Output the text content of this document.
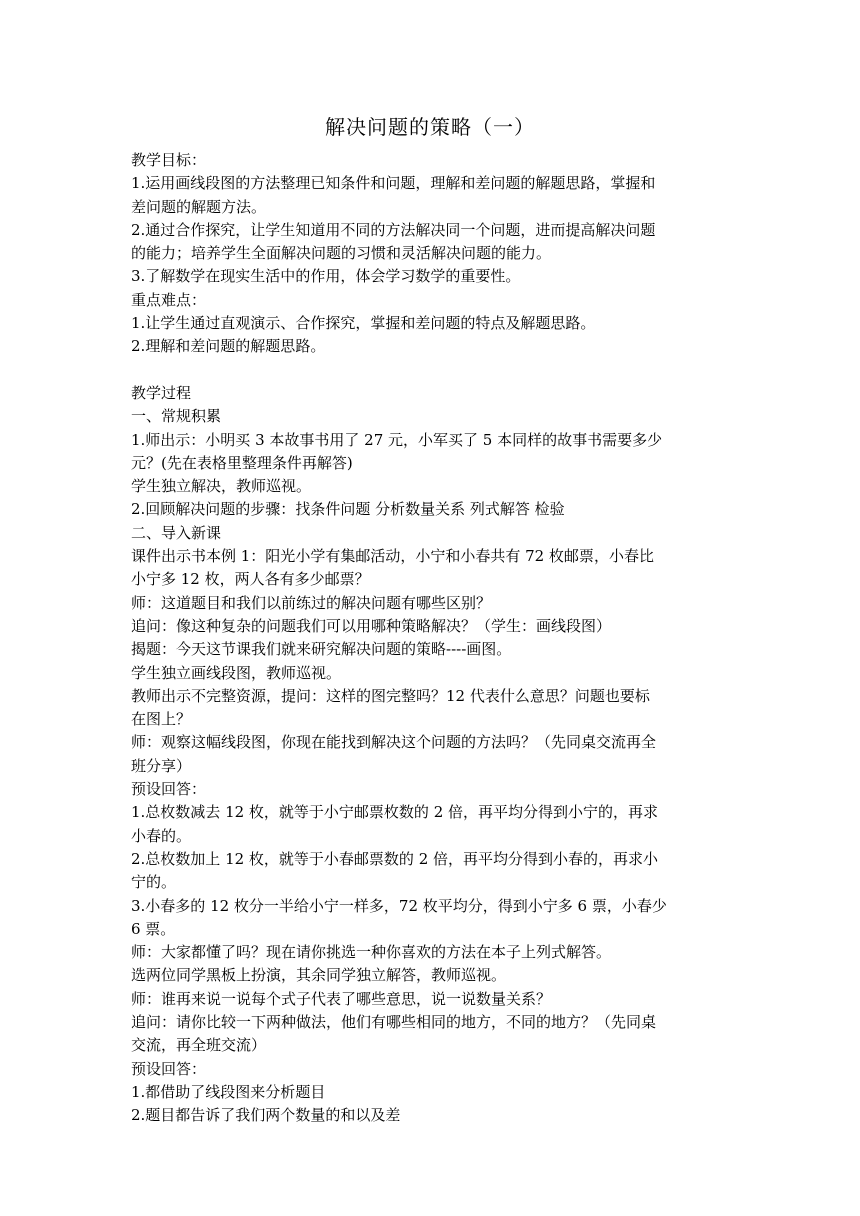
解决问题的策略（一）
教学目标：
1.运用画线段图的方法整理已知条件和问题，理解和差问题的解题思路，掌握和
差问题的解题方法。
2.通过合作探究，让学生知道用不同的方法解决同一个问题，进而提高解决问题
的能力；培养学生全面解决问题的习惯和灵活解决问题的能力。
3.了解数学在现实生活中的作用，体会学习数学的重要性。
重点难点：
1.让学生通过直观演示、合作探究，掌握和差问题的特点及解题思路。
2.理解和差问题的解题思路。
教学过程
一、常规积累
1.师出示：小明买 3 本故事书用了 27 元，小军买了 5 本同样的故事书需要多少
元？(先在表格里整理条件再解答)
学生独立解决，教师巡视。
2.回顾解决问题的步骤：找条件问题 分析数量关系 列式解答 检验
二、导入新课
课件出示书本例 1：阳光小学有集邮活动，小宁和小春共有 72 枚邮票，小春比
小宁多 12 枚，两人各有多少邮票？
师：这道题目和我们以前练过的解决问题有哪些区别？
追问：像这种复杂的问题我们可以用哪种策略解决？（学生：画线段图）
揭题：今天这节课我们就来研究解决问题的策略----画图。
学生独立画线段图，教师巡视。
教师出示不完整资源，提问：这样的图完整吗？12 代表什么意思？问题也要标
在图上？
师：观察这幅线段图，你现在能找到解决这个问题的方法吗？（先同桌交流再全
班分享）
预设回答：
1.总枚数减去 12 枚，就等于小宁邮票枚数的 2 倍，再平均分得到小宁的，再求
小春的。
2.总枚数加上 12 枚，就等于小春邮票数的 2 倍，再平均分得到小春的，再求小
宁的。
3.小春多的 12 枚分一半给小宁一样多，72 枚平均分，得到小宁多 6 票，小春少
6 票。
师：大家都懂了吗？现在请你挑选一种你喜欢的方法在本子上列式解答。
选两位同学黑板上扮演，其余同学独立解答，教师巡视。
师：谁再来说一说每个式子代表了哪些意思，说一说数量关系？
追问：请你比较一下两种做法，他们有哪些相同的地方，不同的地方？（先同桌
交流，再全班交流）
预设回答：
1.都借助了线段图来分析题目
2.题目都告诉了我们两个数量的和以及差
